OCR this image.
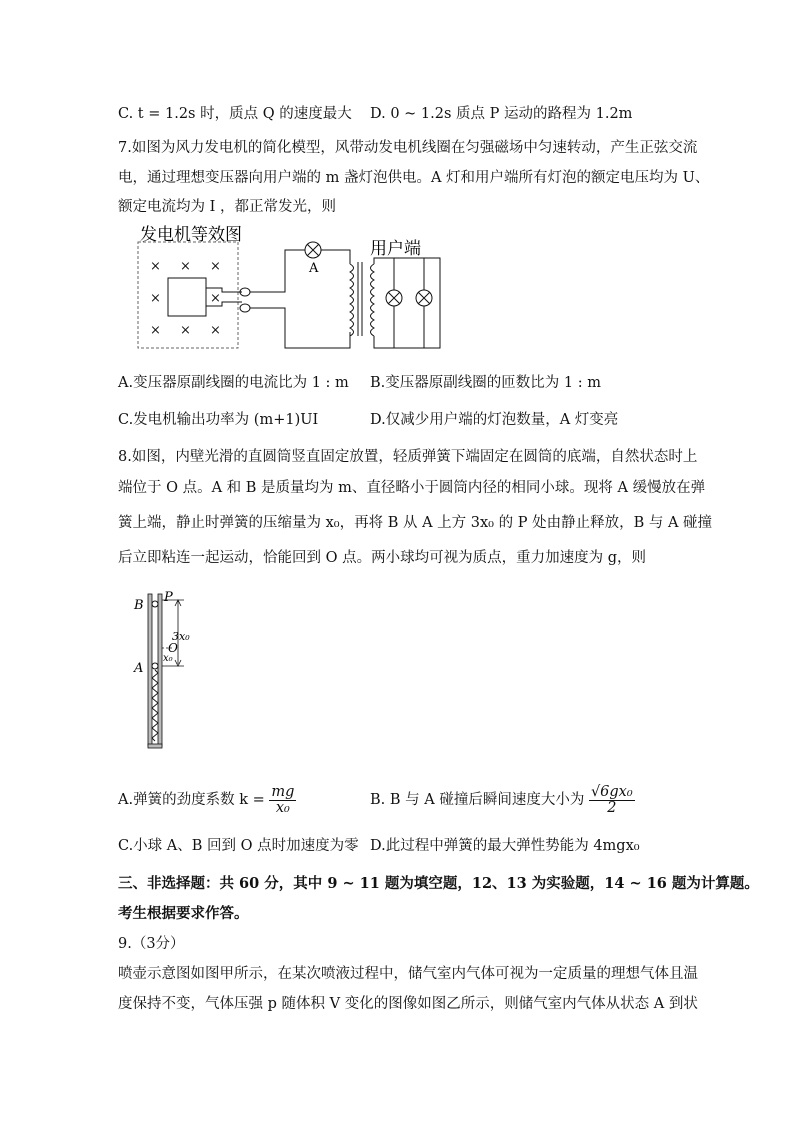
C. t = 1.2s 时，质点 Q 的速度最大 D. 0 ~ 1.2s 质点 P 运动的路程为 1.2m
7.如图为风力发电机的简化模型，风带动发电机线圈在匀强磁场中匀速转动，产生正弦交流
电，通过理想变压器向用户端的 m 盏灯泡供电。A 灯和用户端所有灯泡的额定电压均为 U、
额定电流均为 I ，都正常发光，则
发电机等效图
× × ×
×	×
× × ×
A
用户端
A.变压器原副线圈的电流比为 1 : m B.变压器原副线圈的匝数比为 1 : m
C.发电机输出功率为 (m+1)UI	D.仅减少用户端的灯泡数量，A 灯变亮
8.如图，内壁光滑的直圆筒竖直固定放置，轻质弹簧下端固定在圆筒的底端，自然状态时上
端位于 O 点。A 和 B 是质量均为 m、直径略小于圆筒内径的相同小球。现将 A 缓慢放在弹
簧上端，静止时弹簧的压缩量为 x₀，再将 B 从 A 上方 3x₀ 的 P 处由静止释放，B 与 A 碰撞
后立即粘连一起运动，恰能回到 O 点。两小球均可视为质点，重力加速度为 g，则
B
P
3x₀
O
x₀
A
A.弹簧的劲度系数 $k = \frac{mg}{\text{x₀}}$	B. B 与 A 碰撞后瞬间速度大小为 $\frac{\text{√6gx₀}}{2}$
C.小球 A、B 回到 O 点时加速度为零 D.此过程中弹簧的最大弹性势能为 4mgx₀
三、非选择题：共 60 分，其中 9 ~ 11 题为填空题，12、13 为实验题，14 ~ 16 题为计算题。
考生根据要求作答。
9.（3分）
喷壶示意图如图甲所示，在某次喷液过程中，储气室内气体可视为一定质量的理想气体且温
度保持不变，气体压强 p 随体积 V 变化的图像如图乙所示，则储气室内气体从状态 A 到状
